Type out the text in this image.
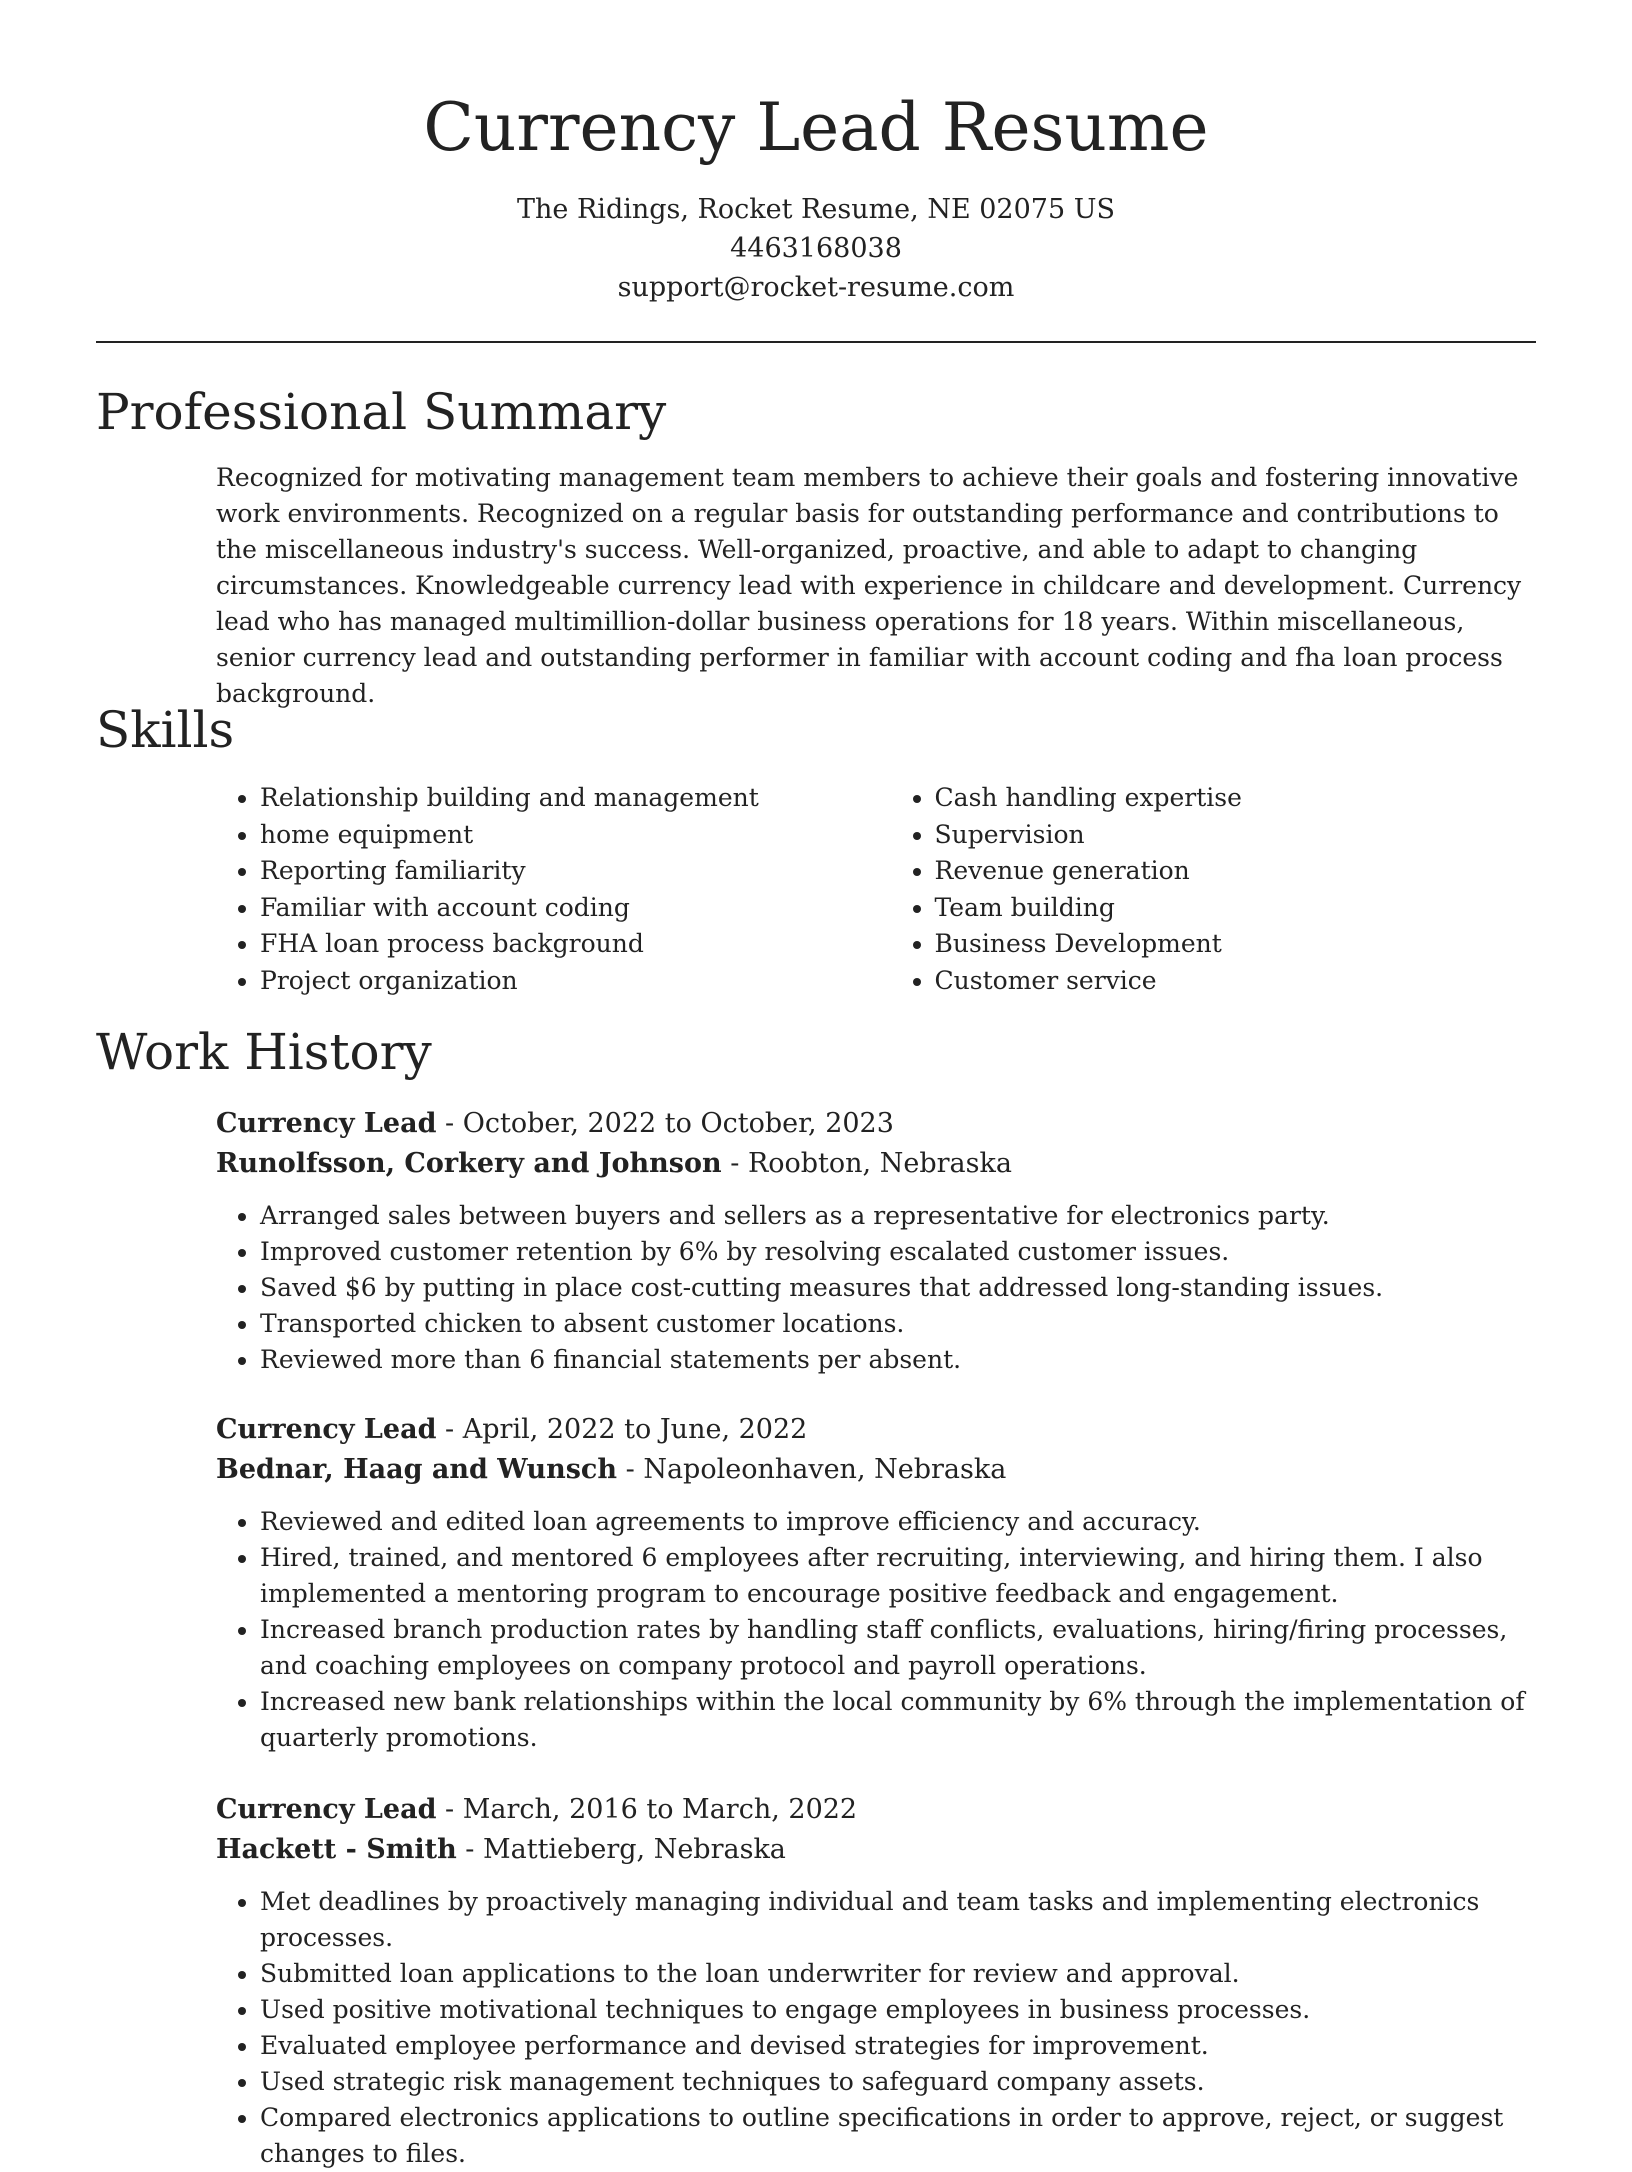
Currency Lead Resume

The Ridings, Rocket Resume, NE 02075 US

4463168038

support@rocket-resume.com

Professional Summary

Recognized for motivating management team members to achieve their goals and fostering innovative work environments. Recognized on a regular basis for outstanding performance and contributions to the miscellaneous industry's success. Well-organized, proactive, and able to adapt to changing circumstances. Knowledgeable currency lead with experience in childcare and development. Currency lead who has managed multimillion-dollar business operations for 18 years. Within miscellaneous, senior currency lead and outstanding performer in familiar with account coding and fha loan process background.

Skills
• Relationship building and management
• home equipment
• Reporting familiarity
• Familiar with account coding
• FHA loan process background
• Project organization
• Cash handling expertise
• Supervision
• Revenue generation
• Team building
• Business Development
• Customer service
Work History

Currency Lead - October, 2022 to October, 2023

Runolfsson, Corkery and Johnson - Roobton, Nebraska

• Arranged sales between buyers and sellers as a representative for electronics party.
• Improved customer retention by 6% by resolving escalated customer issues.
• Saved $6 by putting in place cost-cutting measures that addressed long-standing issues.
• Transported chicken to absent customer locations.
• Reviewed more than 6 financial statements per absent.

Currency Lead - April, 2022 to June, 2022

Bednar, Haag and Wunsch - Napoleonhaven, Nebraska

• Reviewed and edited loan agreements to improve efficiency and accuracy.
• Hired, trained, and mentored 6 employees after recruiting, interviewing, and hiring them. I also implemented a mentoring program to encourage positive feedback and engagement.
• Increased branch production rates by handling staff conflicts, evaluations, hiring/firing processes, and coaching employees on company protocol and payroll operations.
• Increased new bank relationships within the local community by 6% through the implementation of quarterly promotions.

Currency Lead - March, 2016 to March, 2022

Hackett - Smith - Mattieberg, Nebraska

• Met deadlines by proactively managing individual and team tasks and implementing electronics processes.
• Submitted loan applications to the loan underwriter for review and approval.
• Used positive motivational techniques to engage employees in business processes.
• Evaluated employee performance and devised strategies for improvement.
• Used strategic risk management techniques to safeguard company assets.
• Compared electronics applications to outline specifications in order to approve, reject, or suggest changes to files.
